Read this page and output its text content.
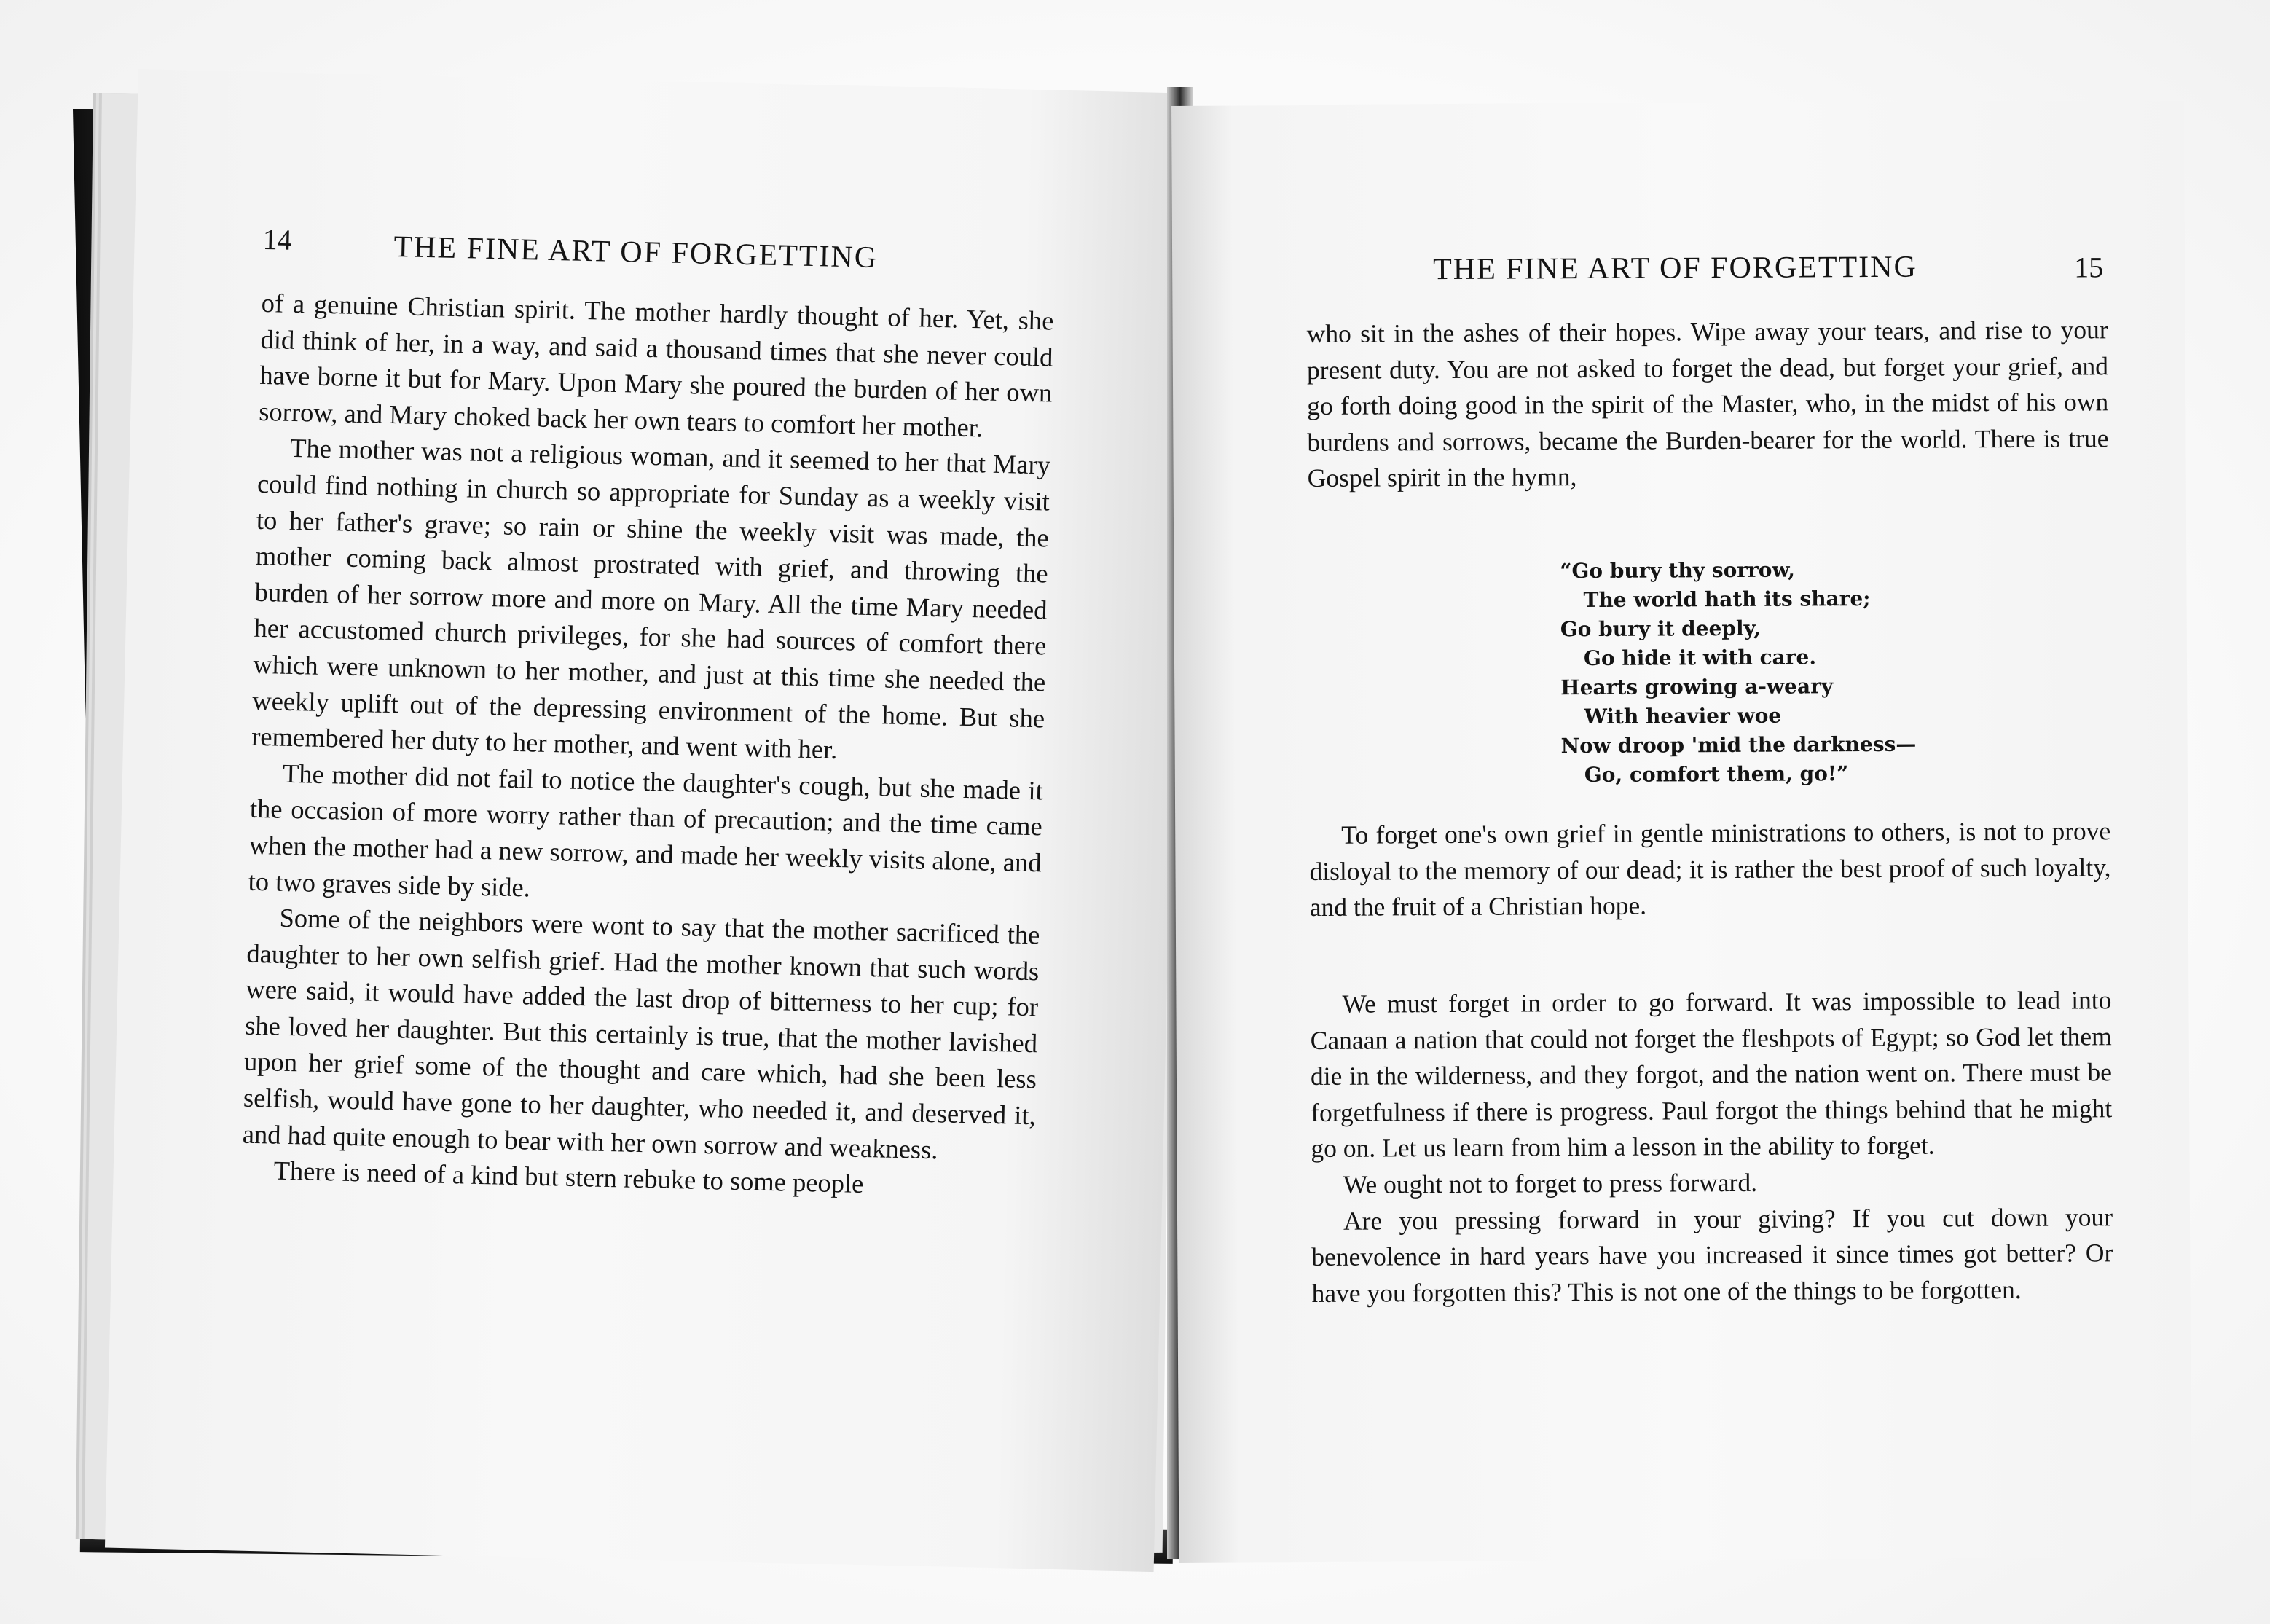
14	THE FINE ART OF FORGETTING

of a genuine Christian spirit. The mother hardly thought of her. Yet, she did think of her, in a way, and said a thousand times that she never could have borne it but for Mary. Upon Mary she poured the burden of her own sorrow, and Mary choked back her own tears to comfort her mother.

The mother was not a religious woman, and it seemed to her that Mary could find nothing in church so appropriate for Sunday as a weekly visit to her father's grave; so rain or shine the weekly visit was made, the mother coming back almost prostrated with grief, and throwing the burden of her sorrow more and more on Mary. All the time Mary needed her accustomed church privileges, for she had sources of comfort there which were unknown to her mother, and just at this time she needed the weekly uplift out of the depressing environment of the home. But she remembered her duty to her mother, and went with her.

The mother did not fail to notice the daughter's cough, but she made it the occasion of more worry rather than of precaution; and the time came when the mother had a new sorrow, and made her weekly visits alone, and to two graves side by side.

Some of the neighbors were wont to say that the mother sacrificed the daughter to her own selfish grief. Had the mother known that such words were said, it would have added the last drop of bitterness to her cup; for she loved her daughter. But this certainly is true, that the mother lavished upon her grief some of the thought and care which, had she been less selfish, would have gone to her daughter, who needed it, and deserved it, and had quite enough to bear with her own sorrow and weakness.

There is need of a kind but stern rebuke to some people

THE FINE ART OF FORGETTING	15

who sit in the ashes of their hopes. Wipe away your tears, and rise to your present duty. You are not asked to forget the dead, but forget your grief, and go forth doing good in the spirit of the Master, who, in the midst of his own burdens and sorrows, became the Burden-bearer for the world. There is true Gospel spirit in the hymn,

“Go bury thy sorrow,
The world hath its share;
Go bury it deeply,
Go hide it with care.
Hearts growing a-weary
With heavier woe
Now droop 'mid the darkness—
Go, comfort them, go!”

To forget one's own grief in gentle ministrations to others, is not to prove disloyal to the memory of our dead; it is rather the best proof of such loyalty, and the fruit of a Christian hope.

We must forget in order to go forward. It was impossible to lead into Canaan a nation that could not forget the fleshpots of Egypt; so God let them die in the wilderness, and they forgot, and the nation went on. There must be forgetfulness if there is progress. Paul forgot the things behind that he might go on. Let us learn from him a lesson in the ability to forget.

We ought not to forget to press forward.

Are you pressing forward in your giving? If you cut down your benevolence in hard years have you increased it since times got better? Or have you forgotten this? This is not one of the things to be forgotten.
